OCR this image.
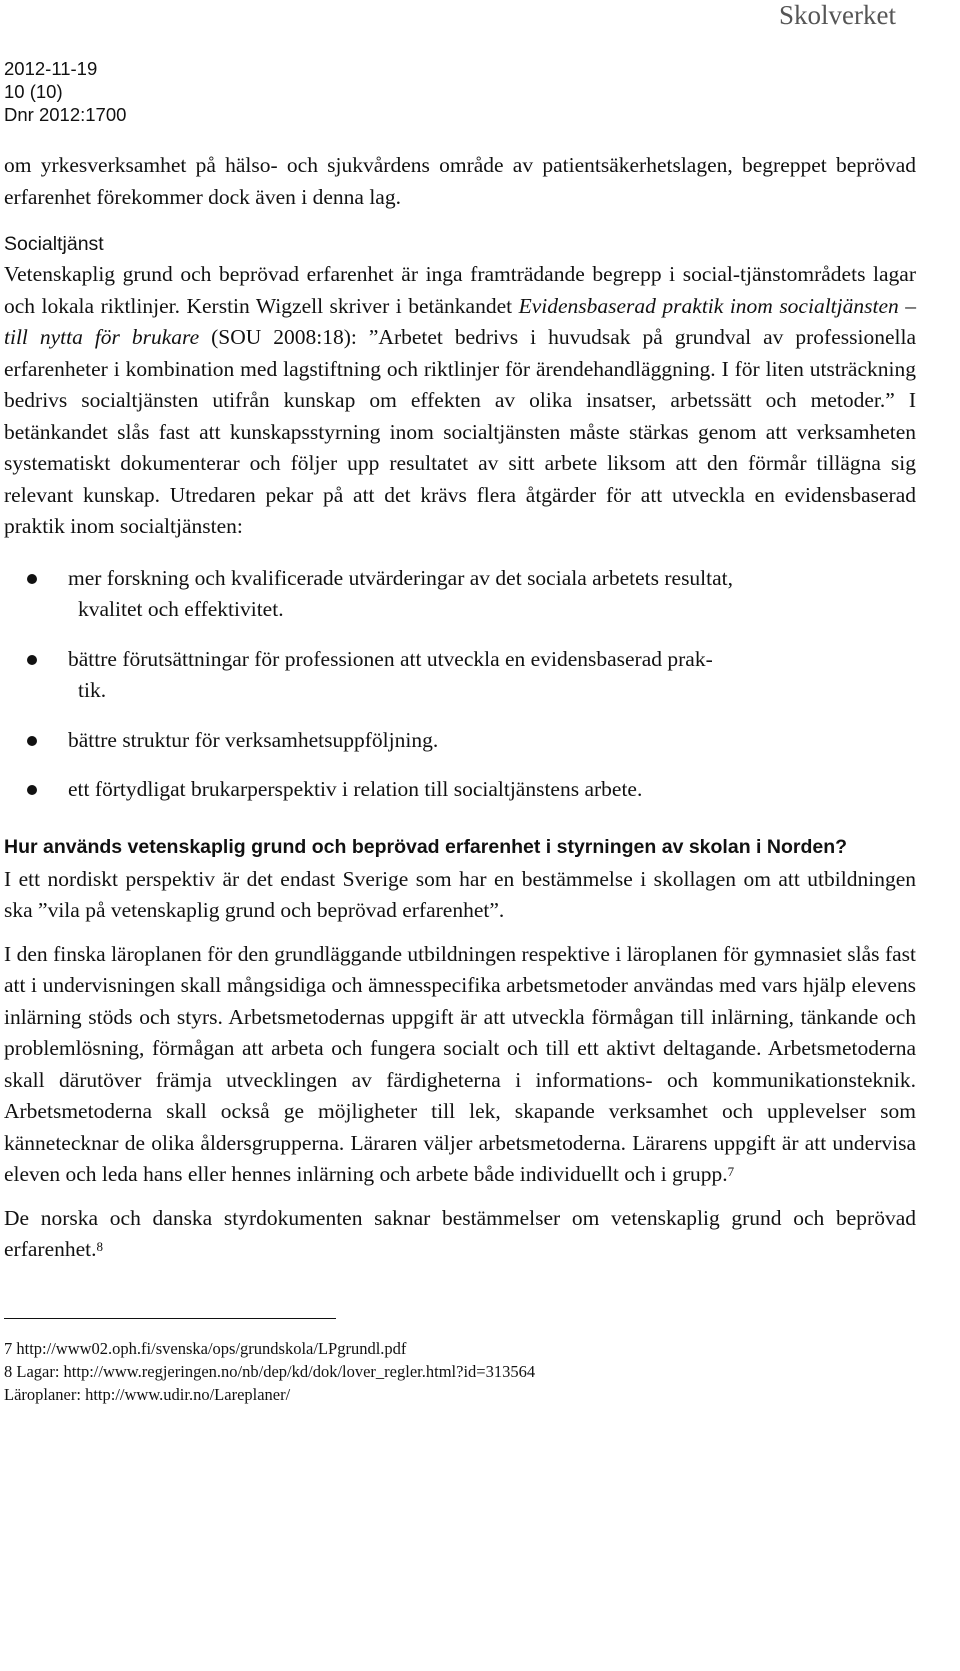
Skolverket
2012-11-19
10 (10)
Dnr 2012:1700

om yrkesverksamhet på hälso- och sjukvårdens område av patientsäkerhetslagen, begreppet beprövad erfarenhet förekommer dock även i denna lag.

Socialtjänst

Vetenskaplig grund och beprövad erfarenhet är inga framträdande begrepp i social-tjänstområdets lagar och lokala riktlinjer. Kerstin Wigzell skriver i betänkandet Evidensbaserad praktik inom socialtjänsten – till nytta för brukare (SOU 2008:18): ”Arbetet bedrivs i huvudsak på grundval av professionella erfarenheter i kombination med lagstiftning och riktlinjer för ärendehandläggning. I för liten utsträckning bedrivs socialtjänsten utifrån kunskap om effekten av olika insatser, arbetssätt och metoder.” I betänkandet slås fast att kunskapsstyrning inom socialtjänsten måste stärkas genom att verksamheten systematiskt dokumenterar och följer upp resultatet av sitt arbete liksom att den förmår tillägna sig relevant kunskap. Utredaren pekar på att det krävs flera åtgärder för att utveckla en evidensbaserad praktik inom socialtjänsten:

mer forskning och kvalificerade utvärderingar av det sociala arbetets resultat,
kvalitet och effektivitet.
bättre förutsättningar för professionen att utveckla en evidensbaserad prak-
tik.
bättre struktur för verksamhetsuppföljning.
ett förtydligat brukarperspektiv i relation till socialtjänstens arbete.
Hur används vetenskaplig grund och beprövad erfarenhet i styrningen av skolan i Norden?

I ett nordiskt perspektiv är det endast Sverige som har en bestämmelse i skollagen om att utbildningen ska ”vila på vetenskaplig grund och beprövad erfarenhet”.

I den finska läroplanen för den grundläggande utbildningen respektive i läroplanen för gymnasiet slås fast att i undervisningen skall mångsidiga och ämnesspecifika arbetsmetoder användas med vars hjälp elevens inlärning stöds och styrs. Arbetsmetodernas uppgift är att utveckla förmågan till inlärning, tänkande och problemlösning, förmågan att arbeta och fungera socialt och till ett aktivt deltagande. Arbetsmetoderna skall därutöver främja utvecklingen av färdigheterna i informations- och kommunikationsteknik. Arbetsmetoderna skall också ge möjligheter till lek, skapande verksamhet och upplevelser som kännetecknar de olika åldersgrupperna. Läraren väljer arbetsmetoderna. Lärarens uppgift är att undervisa eleven och leda hans eller hennes inlärning och arbete både individuellt och i grupp.$^7$

De norska och danska styrdokumenten saknar bestämmelser om vetenskaplig grund och beprövad erfarenhet.$^8$

7 http://www02.oph.fi/svenska/ops/grundskola/LPgrundl.pdf
8 Lagar: http://www.regjeringen.no/nb/dep/kd/dok/lover_regler.html?id=313564
Läroplaner: http://www.udir.no/Lareplaner/
